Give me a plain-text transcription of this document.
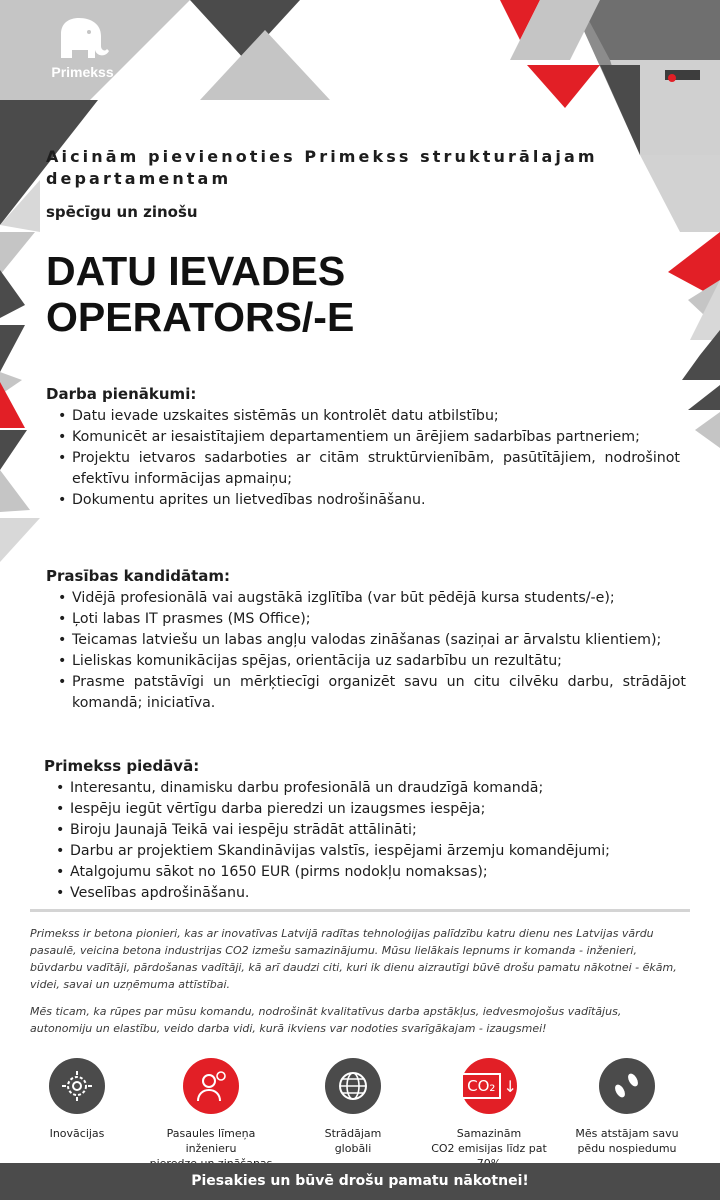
Primekss
Aicinām pievienoties Primekss strukturālajam departamentam
spēcīgu un zinošu
DATU IEVADES
OPERATORS/-E
Darba pienākumi:
• Datu ievade uzskaites sistēmās un kontrolēt datu atbilstību;
• Komunicēt ar iesaistītajiem departamentiem un ārējiem sadarbības partneriem;
• Projektu ietvaros sadarboties ar citām struktūrvienībām, pasūtītājiem, nodrošinot efektīvu informācijas apmaiņu;
• Dokumentu aprites un lietvedības nodrošināšanu.
Prasības kandidātam:
• Vidējā profesionālā vai augstākā izglītība (var būt pēdējā kursa students/-e);
• Ļoti labas IT prasmes (MS Office);
• Teicamas latviešu un labas angļu valodas zināšanas (saziņai ar ārvalstu klientiem);
• Lieliskas komunikācijas spējas, orientācija uz sadarbību un rezultātu;
• Prasme patstāvīgi un mērķtiecīgi organizēt savu un citu cilvēku darbu, strādājot komandā; iniciatīva.
Primekss piedāvā:
• Interesantu, dinamisku darbu profesionālā un draudzīgā komandā;
• Iespēju iegūt vērtīgu darba pieredzi un izaugsmes iespēja;
• Biroju Jaunajā Teikā vai iespēju strādāt attālināti;
• Darbu ar projektiem Skandināvijas valstīs, iespējami ārzemju komandējumi;
• Atalgojumu sākot no 1650 EUR (pirms nodokļu nomaksas);
• Veselības apdrošināšanu.
Primekss ir betona pionieri, kas ar inovatīvas Latvijā radītas tehnoloģijas palīdzību katru dienu nes Latvijas vārdu pasaulē, veicina betona industrijas CO2 izmešu samazinājumu. Mūsu lielākais lepnums ir komanda - inženieri, būvdarbu vadītāji, pārdošanas vadītāji, kā arī daudzi citi, kuri ik dienu aizrautīgi būvē drošu pamatu nākotnei - ēkām, videi, savai un uzņēmuma attīstībai.
Mēs ticam, ka rūpes par mūsu komandu, nodrošināt kvalitatīvus darba apstākļus, iedvesmojošus vadītājus, autonomiju un elastību, veido darba vidi, kurā ikviens var nodoties svarīgākajam - izaugsmei!
Inovācijas	Pasaules līmeņa inženieru
Strādājam
globāli
CO₂ ↓
Samazinām
CO2 emisijas līdz pat
Mēs atstājam savu
pēdu nospiedumu
Piesakies un būvē drošu pamatu nākotnei!
